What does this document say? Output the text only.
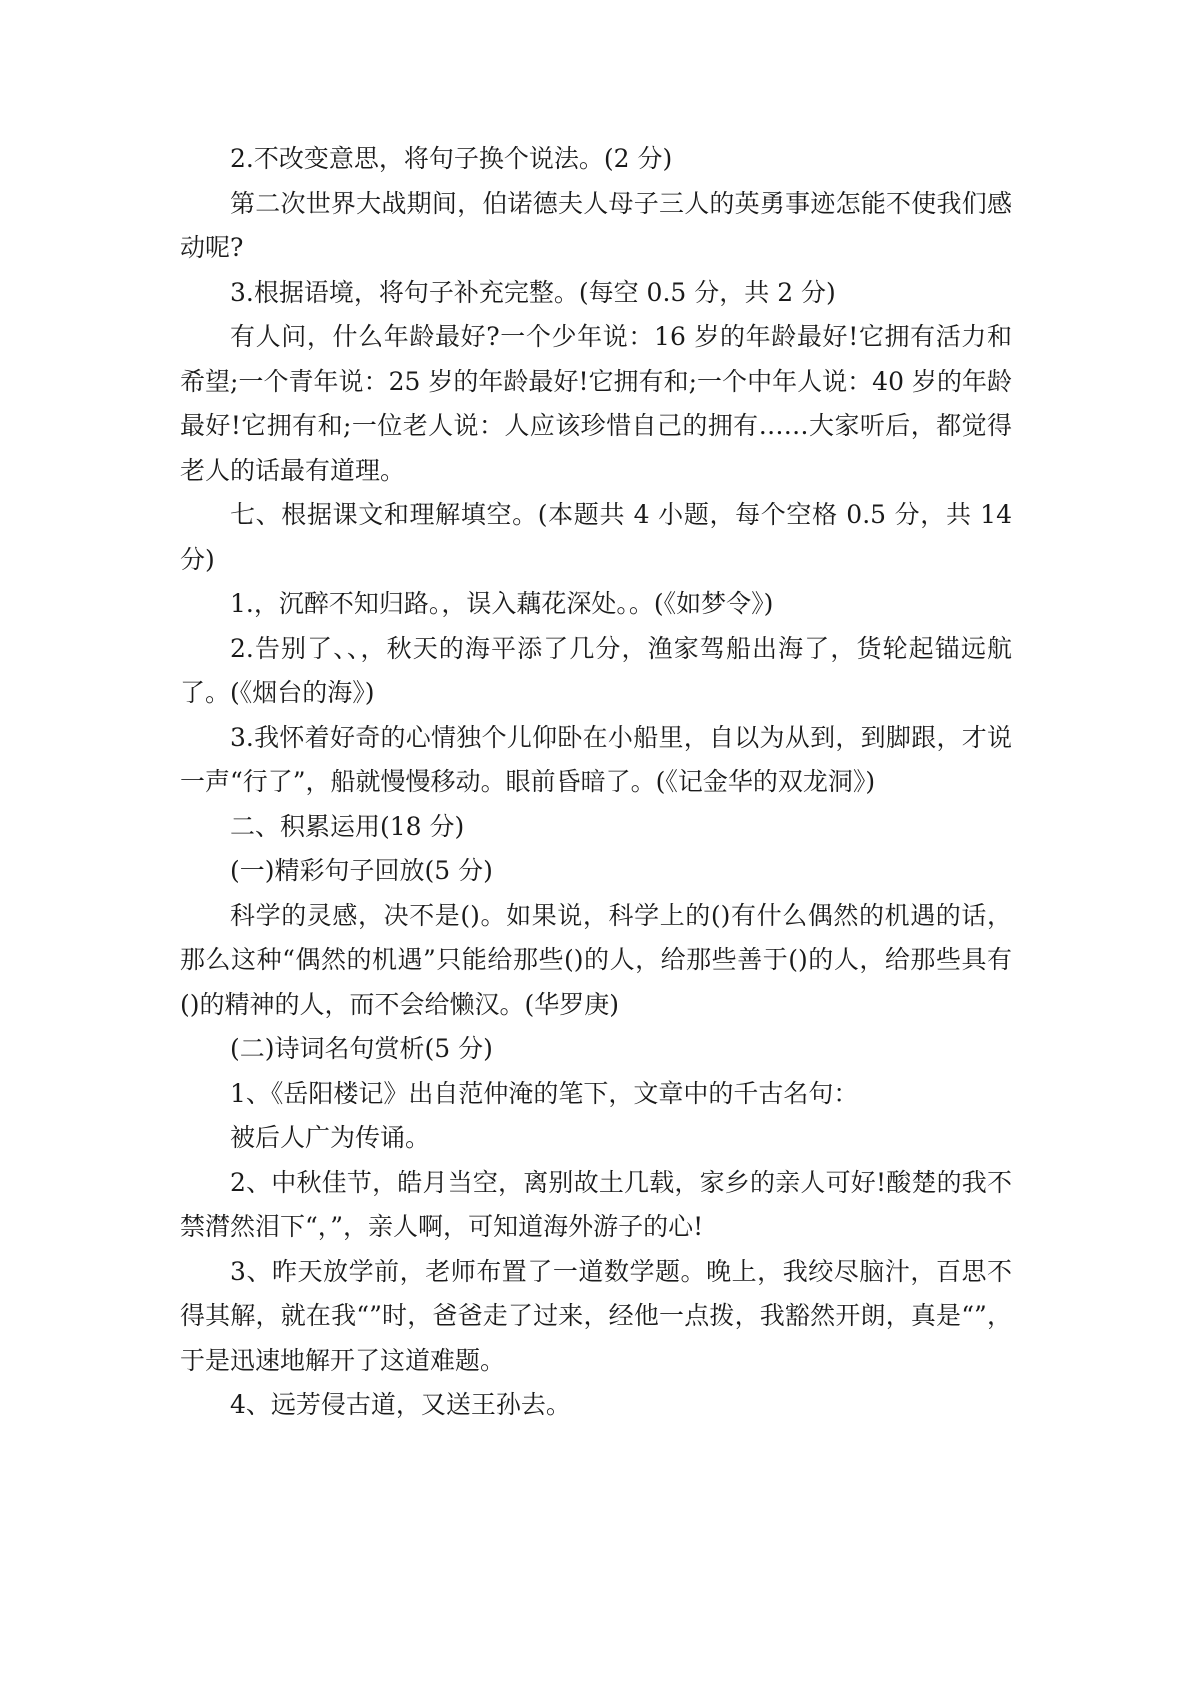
2.不改变意思，将句子换个说法。(2 分)

第二次世界大战期间，伯诺德夫人母子三人的英勇事迹怎能不使我们感动呢?

3.根据语境，将句子补充完整。(每空 0.5 分，共 2 分)

有人问，什么年龄最好?一个少年说：16 岁的年龄最好!它拥有活力和希望;一个青年说：25 岁的年龄最好!它拥有和;一个中年人说：40 岁的年龄最好!它拥有和;一位老人说：人应该珍惜自己的拥有……大家听后，都觉得老人的话最有道理。

七、根据课文和理解填空。(本题共 4 小题，每个空格 0.5 分，共 14 分)

1.，沉醉不知归路。，误入藕花深处。。(《如梦令》)

2.告别了、、，秋天的海平添了几分，渔家驾船出海了，货轮起锚远航了。(《烟台的海》)

3.我怀着好奇的心情独个儿仰卧在小船里，自以为从到，到脚跟，才说一声“行了”，船就慢慢移动。眼前昏暗了。(《记金华的双龙洞》)

二、积累运用(18 分)

(一)精彩句子回放(5 分)

科学的灵感，决不是()。如果说，科学上的()有什么偶然的机遇的话，那么这种“偶然的机遇”只能给那些()的人，给那些善于()的人，给那些具有()的精神的人，而不会给懒汉。(华罗庚)

(二)诗词名句赏析(5 分)

1、《岳阳楼记》出自范仲淹的笔下，文章中的千古名句：

被后人广为传诵。

2、中秋佳节，皓月当空，离别故土几载，家乡的亲人可好!酸楚的我不禁潸然泪下“，”，亲人啊，可知道海外游子的心!

3、昨天放学前，老师布置了一道数学题。晚上，我绞尽脑汁，百思不得其解，就在我“”时，爸爸走了过来，经他一点拨，我豁然开朗，真是“”，于是迅速地解开了这道难题。

4、远芳侵古道，又送王孙去。
